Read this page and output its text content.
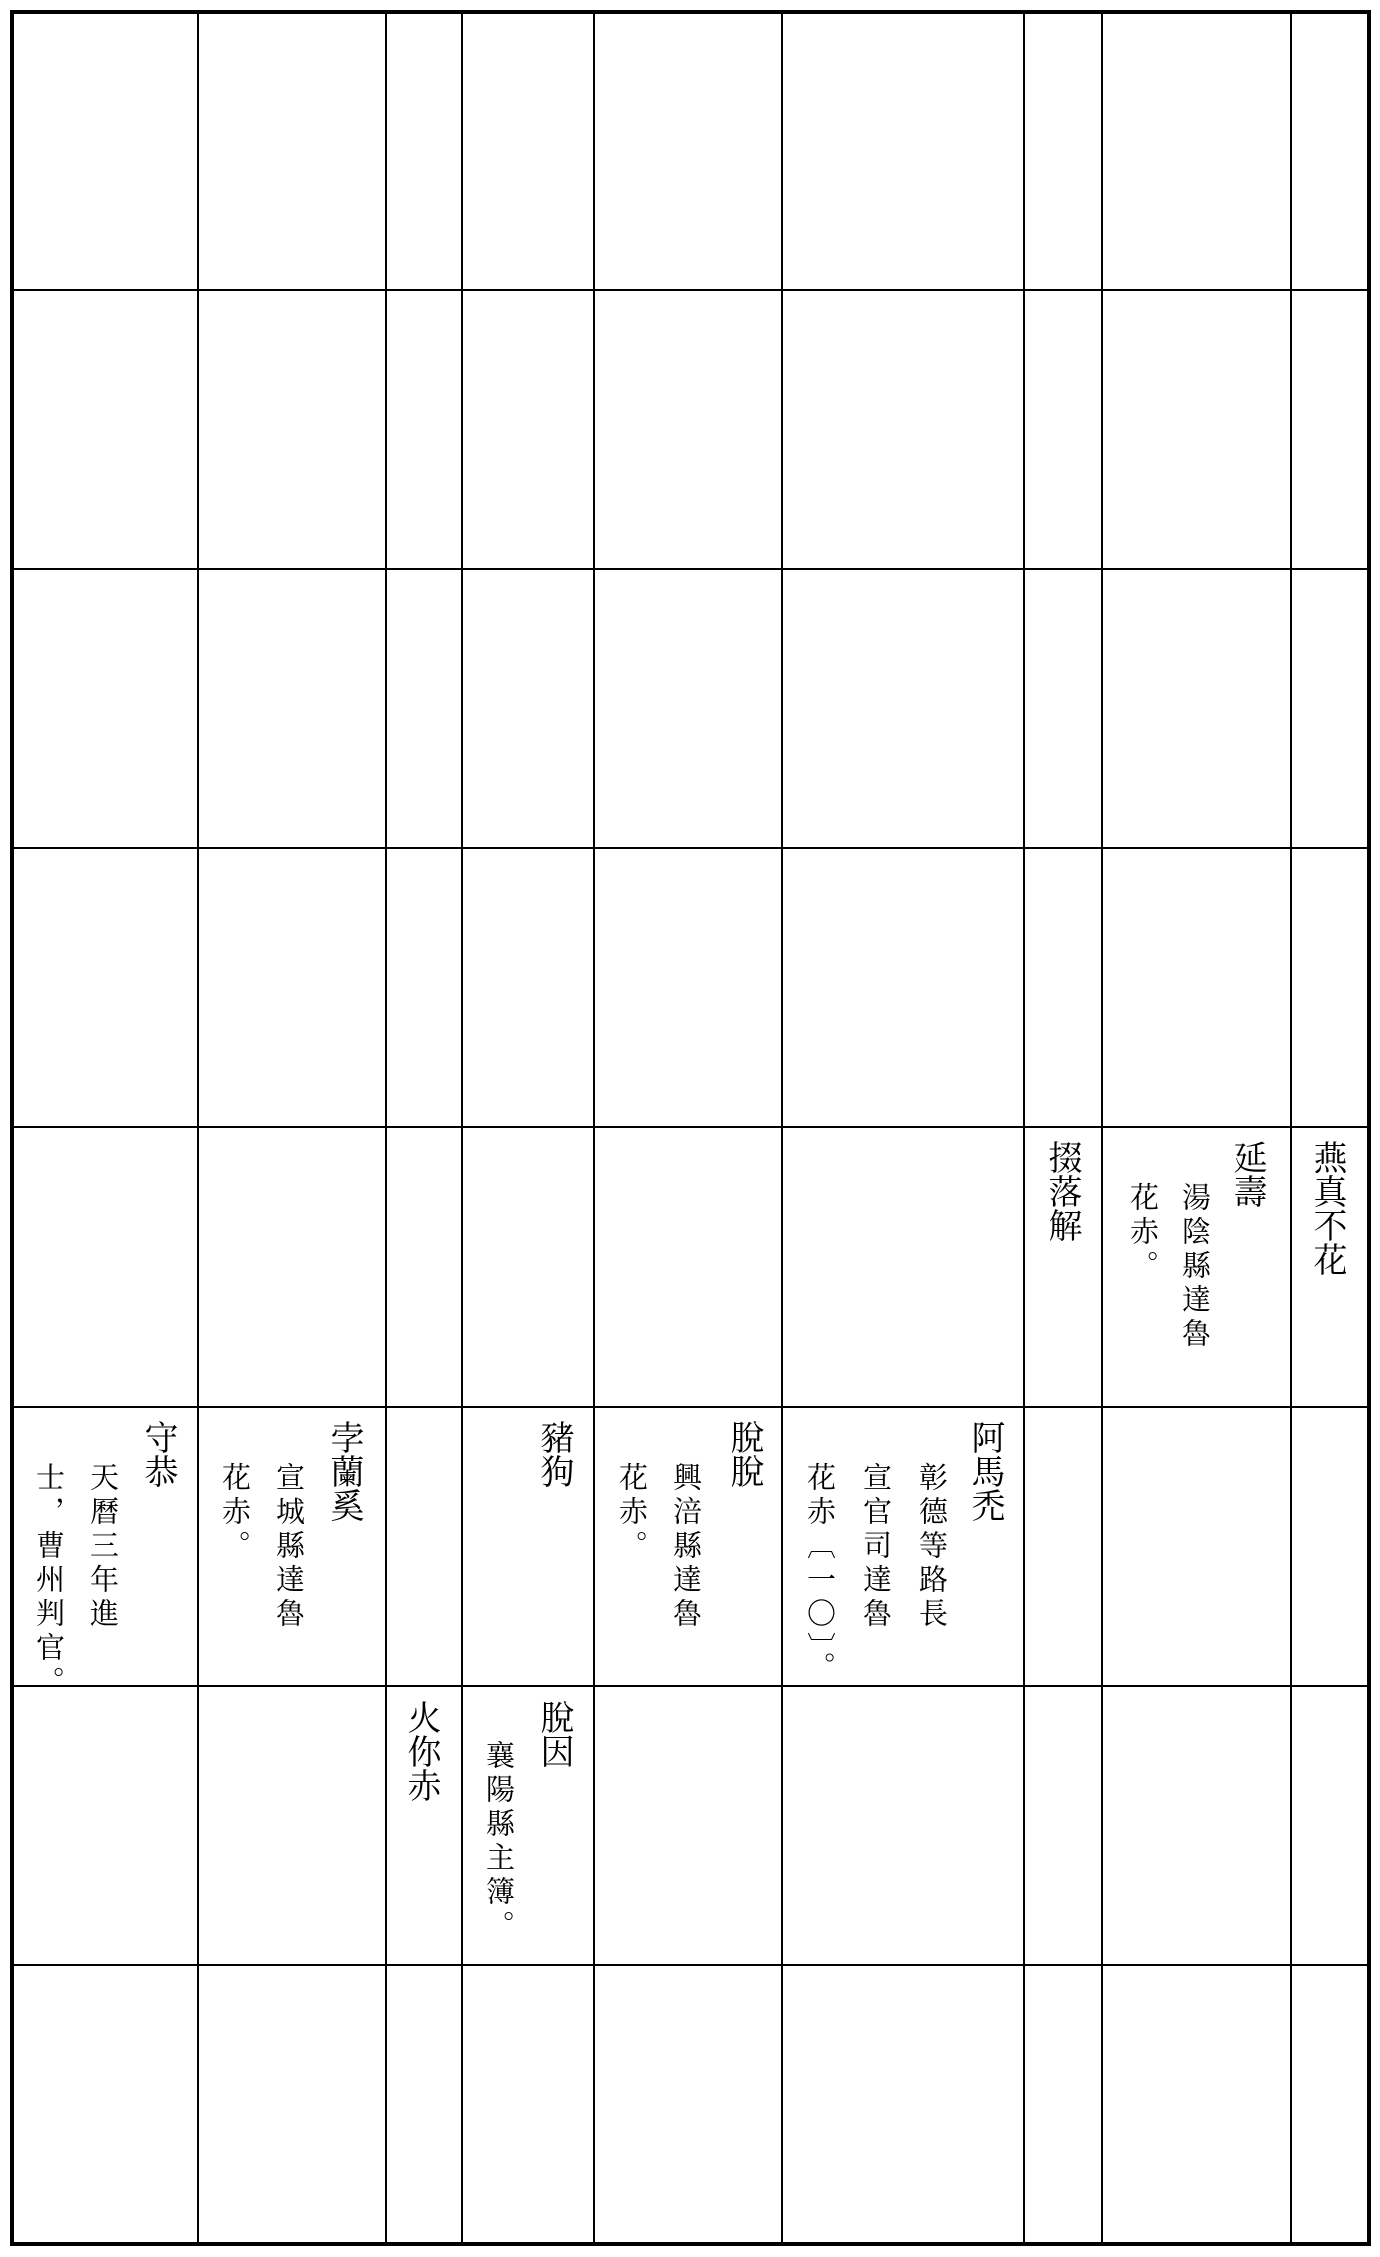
燕真不花
延壽
湯陰縣達魯
花赤。
掇落解
阿馬禿
彰德等路長
宣官司達魯
花赤〔一〇〕。
脫脫
興涪縣達魯
花赤。
豬狗
孛蘭奚
宣城縣達魯
花赤。
守恭
天曆三年進
士，曹州判官。
脫因
襄陽縣主簿。
火你赤
